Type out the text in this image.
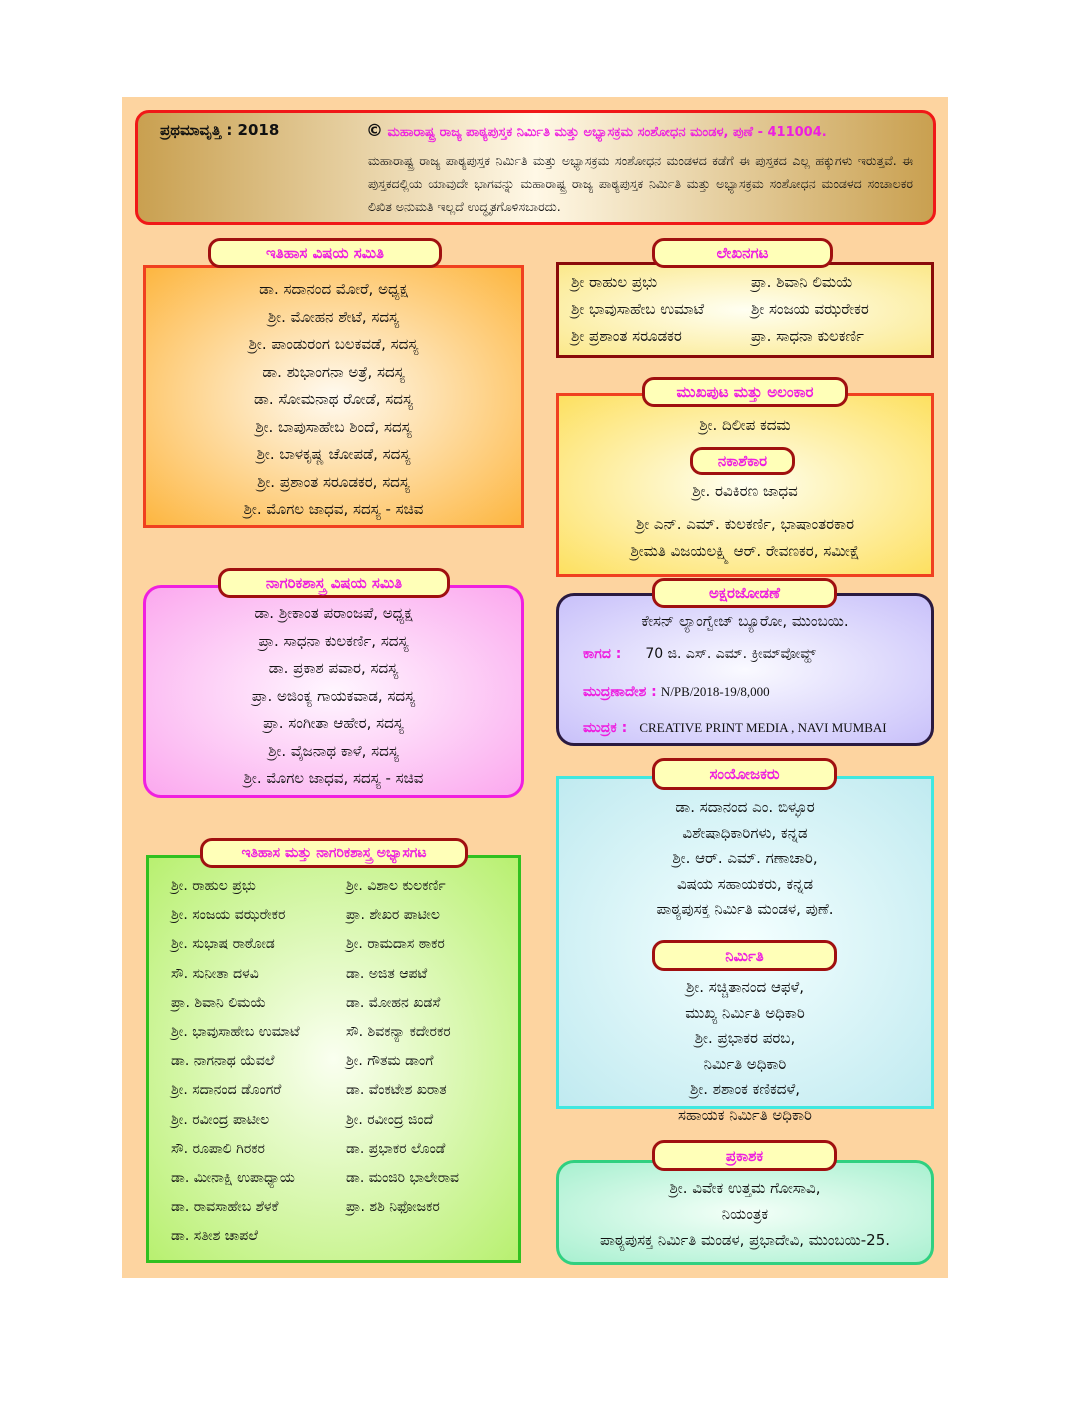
ಪ್ರಥಮಾವೃತ್ತಿ : 2018	© ಮಹಾರಾಷ್ಟ್ರ ರಾಜ್ಯ ಪಾಠ್ಯಪುಸ್ತಕ ನಿರ್ಮಿತಿ ಮತ್ತು ಅಭ್ಯಾಸಕ್ರಮ ಸಂಶೋಧನ ಮಂಡಳ, ಪುಣೆ - 411004.
ಮಹಾರಾಷ್ಟ್ರ ರಾಜ್ಯ ಪಾಠ್ಯಪುಸ್ತಕ ನಿರ್ಮಿತಿ ಮತ್ತು ಅಭ್ಯಾಸಕ್ರಮ ಸಂಶೋಧನ ಮಂಡಳದ ಕಡೆಗೆ ಈ ಪುಸ್ತಕದ ಎಲ್ಲ ಹಕ್ಕುಗಳು ಇರುತ್ತವೆ. ಈ ಪುಸ್ತಕದಲ್ಲಿಯ ಯಾವುದೇ ಭಾಗವನ್ನು ಮಹಾರಾಷ್ಟ್ರ ರಾಜ್ಯ ಪಾಠ್ಯಪುಸ್ತಕ ನಿರ್ಮಿತಿ ಮತ್ತು ಅಭ್ಯಾಸಕ್ರಮ ಸಂಶೋಧನ ಮಂಡಳದ ಸಂಚಾಲಕರ ಲಿಖಿತ ಅನುಮತಿ ಇಲ್ಲದೆ ಉದ್ಧೃತಗೊಳಿಸಬಾರದು.
ಡಾ. ಸದಾನಂದ ಮೋರೆ, ಅಧ್ಯಕ್ಷ
ಶ್ರೀ. ಮೋಹನ ಶೇಟೆ, ಸದಸ್ಯ
ಶ್ರೀ. ಪಾಂಡುರಂಗ ಬಲಕವಡೆ, ಸದಸ್ಯ
ಡಾ. ಶುಭಾಂಗನಾ ಅತ್ರೆ, ಸದಸ್ಯ
ಡಾ. ಸೋಮನಾಥ ರೋಡೆ, ಸದಸ್ಯ
ಶ್ರೀ. ಬಾಪುಸಾಹೇಬ ಶಿಂದೆ, ಸದಸ್ಯ
ಶ್ರೀ. ಬಾಳಕೃಷ್ಣ ಚೋಪಡೆ, ಸದಸ್ಯ
ಶ್ರೀ. ಪ್ರಶಾಂತ ಸರೂಡಕರ, ಸದಸ್ಯ
ಶ್ರೀ. ಮೊಗಲ ಜಾಧವ, ಸದಸ್ಯ - ಸಚಿವ
ಇತಿಹಾಸ ವಿಷಯ ಸಮಿತಿ
ಡಾ. ಶ್ರೀಕಾಂತ ಪರಾಂಜಪೆ, ಅಧ್ಯಕ್ಷ
ಪ್ರಾ. ಸಾಧನಾ ಕುಲಕರ್ಣಿ, ಸದಸ್ಯ
ಡಾ. ಪ್ರಕಾಶ ಪವಾರ, ಸದಸ್ಯ
ಪ್ರಾ. ಅಜಿಂಕ್ಯ ಗಾಯಕವಾಡ, ಸದಸ್ಯ
ಪ್ರಾ. ಸಂಗೀತಾ ಆಹೇರ, ಸದಸ್ಯ
ಶ್ರೀ. ವೈಜನಾಥ ಕಾಳೆ, ಸದಸ್ಯ
ಶ್ರೀ. ಮೊಗಲ ಜಾಧವ, ಸದಸ್ಯ - ಸಚಿವ
ನಾಗರಿಕಶಾಸ್ತ್ರ ವಿಷಯ ಸಮಿತಿ
ಶ್ರೀ. ರಾಹುಲ ಪ್ರಭು	ಶ್ರೀ. ವಿಶಾಲ ಕುಲಕರ್ಣಿ
ಶ್ರೀ. ಸಂಜಯ ವಝರೇಕರ	ಪ್ರಾ. ಶೇಖರ ಪಾಟೀಲ
ಶ್ರೀ. ಸುಭಾಷ ರಾಠೋಡ	ಶ್ರೀ. ರಾಮದಾಸ ಠಾಕರ
ಸೌ. ಸುನೀತಾ ದಳವಿ	ಡಾ. ಅಜಿತ ಆಪಟೆ
ಪ್ರಾ. ಶಿವಾನಿ ಲಿಮಯೆ	ಡಾ. ಮೋಹನ ಖಡಸೆ
ಶ್ರೀ. ಭಾವುಸಾಹೇಬ ಉಮಾಟೆ	ಸೌ. ಶಿವಕನ್ಯಾ ಕದೇರಕರ
ಡಾ. ನಾಗನಾಥ ಯೆವಲೆ	ಶ್ರೀ. ಗೌತಮ ಡಾಂಗೆ
ಶ್ರೀ. ಸದಾನಂದ ಡೊಂಗರೆ	ಡಾ. ವೆಂಕಟೇಶ ಖರಾತ
ಶ್ರೀ. ರವೀಂದ್ರ ಪಾಟೀಲ	ಶ್ರೀ. ರವೀಂದ್ರ ಜಿಂದೆ
ಸೌ. ರೂಪಾಲಿ ಗಿರಕರ	ಡಾ. ಪ್ರಭಾಕರ ಲೊಂಡೆ
ಡಾ. ಮೀನಾಕ್ಷಿ ಉಪಾಧ್ಯಾಯ	ಡಾ. ಮಂಜಿರಿ ಭಾಲೇರಾವ
ಡಾ. ರಾವಸಾಹೇಬ ಶೆಳಕೆ	ಪ್ರಾ. ಶಶಿ ನಿಫೋಜಕರ
ಡಾ. ಸತೀಶ ಚಾಪಲೆ
ಇತಿಹಾಸ ಮತ್ತು ನಾಗರಿಕಶಾಸ್ತ್ರ ಅಭ್ಯಾಸಗಟ
ಶ್ರೀ ರಾಹುಲ ಪ್ರಭು	ಪ್ರಾ. ಶಿವಾನಿ ಲಿಮಯೆ
ಶ್ರೀ ಭಾವುಸಾಹೇಬ ಉಮಾಟೆ	ಶ್ರೀ ಸಂಜಯ ವಝರೇಕರ
ಶ್ರೀ ಪ್ರಶಾಂತ ಸರೂಡಕರ	ಪ್ರಾ. ಸಾಧನಾ ಕುಲಕರ್ಣಿ
ಲೇಖನಗಟ
ಶ್ರೀ. ದಿಲೀಪ ಕದಮ
ಶ್ರೀ. ರವಿಕಿರಣ ಜಾಧವ
ಶ್ರೀ ಎನ್. ಎಮ್. ಕುಲಕರ್ಣಿ, ಭಾಷಾಂತರಕಾರ
ಶ್ರೀಮತಿ ವಿಜಯಲಕ್ಷ್ಮಿ ಆರ್. ರೇವಣಕರ, ಸಮೀಕ್ಷೆ
ಮುಖಪುಟ ಮತ್ತು ಅಲಂಕಾರ
ನಕಾಶೆಕಾರ
ಕೇಸನ್ ಲ್ಯಾಂಗ್ವೇಜ್ ಬ್ಯೂರೋ, ಮುಂಬಯಿ.
ಕಾಗದ : 70 ಜಿ. ಎಸ್. ಎಮ್. ಕ್ರೀಮ್‌ವೋವ್ಹ್
ಮುದ್ರಣಾದೇಶ : N/PB/2018-19/8,000
ಮುದ್ರಕ : CREATIVE PRINT MEDIA , NAVI MUMBAI
ಅಕ್ಷರಜೋಡಣೆ
ಡಾ. ಸದಾನಂದ ಎಂ. ಬಿಳ್ಳೂರ
ವಿಶೇಷಾಧಿಕಾರಿಗಳು, ಕನ್ನಡ
ಶ್ರೀ. ಆರ್. ಎಮ್. ಗಣಾಚಾರಿ,
ವಿಷಯ ಸಹಾಯಕರು, ಕನ್ನಡ
ಪಾಠ್ಯಪುಸಕ್ತ ನಿರ್ಮಿತಿ ಮಂಡಳ, ಪುಣೆ.
ಶ್ರೀ. ಸಚ್ಚಿತಾನಂದ ಆಫಳೆ,
ಮುಖ್ಯ ನಿರ್ಮಿತಿ ಅಧಿಕಾರಿ
ಶ್ರೀ. ಪ್ರಭಾಕರ ಪರಬ,
ನಿರ್ಮಿತಿ ಅಧಿಕಾರಿ
ಶ್ರೀ. ಶಶಾಂಕ ಕಣಿಕದಳೆ,
ಸಹಾಯಕ ನಿರ್ಮಿತಿ ಅಧಿಕಾರಿ
ಸಂಯೋಜಕರು
ನಿರ್ಮಿತಿ
ಶ್ರೀ. ವಿವೇಕ ಉತ್ತಮ ಗೋಸಾವಿ,
ನಿಯಂತ್ರಕ
ಪಾಠ್ಯಪುಸಕ್ತ ನಿರ್ಮಿತಿ ಮಂಡಳ, ಪ್ರಭಾದೇವಿ, ಮುಂಬಯಿ-25.
ಪ್ರಕಾಶಕ
